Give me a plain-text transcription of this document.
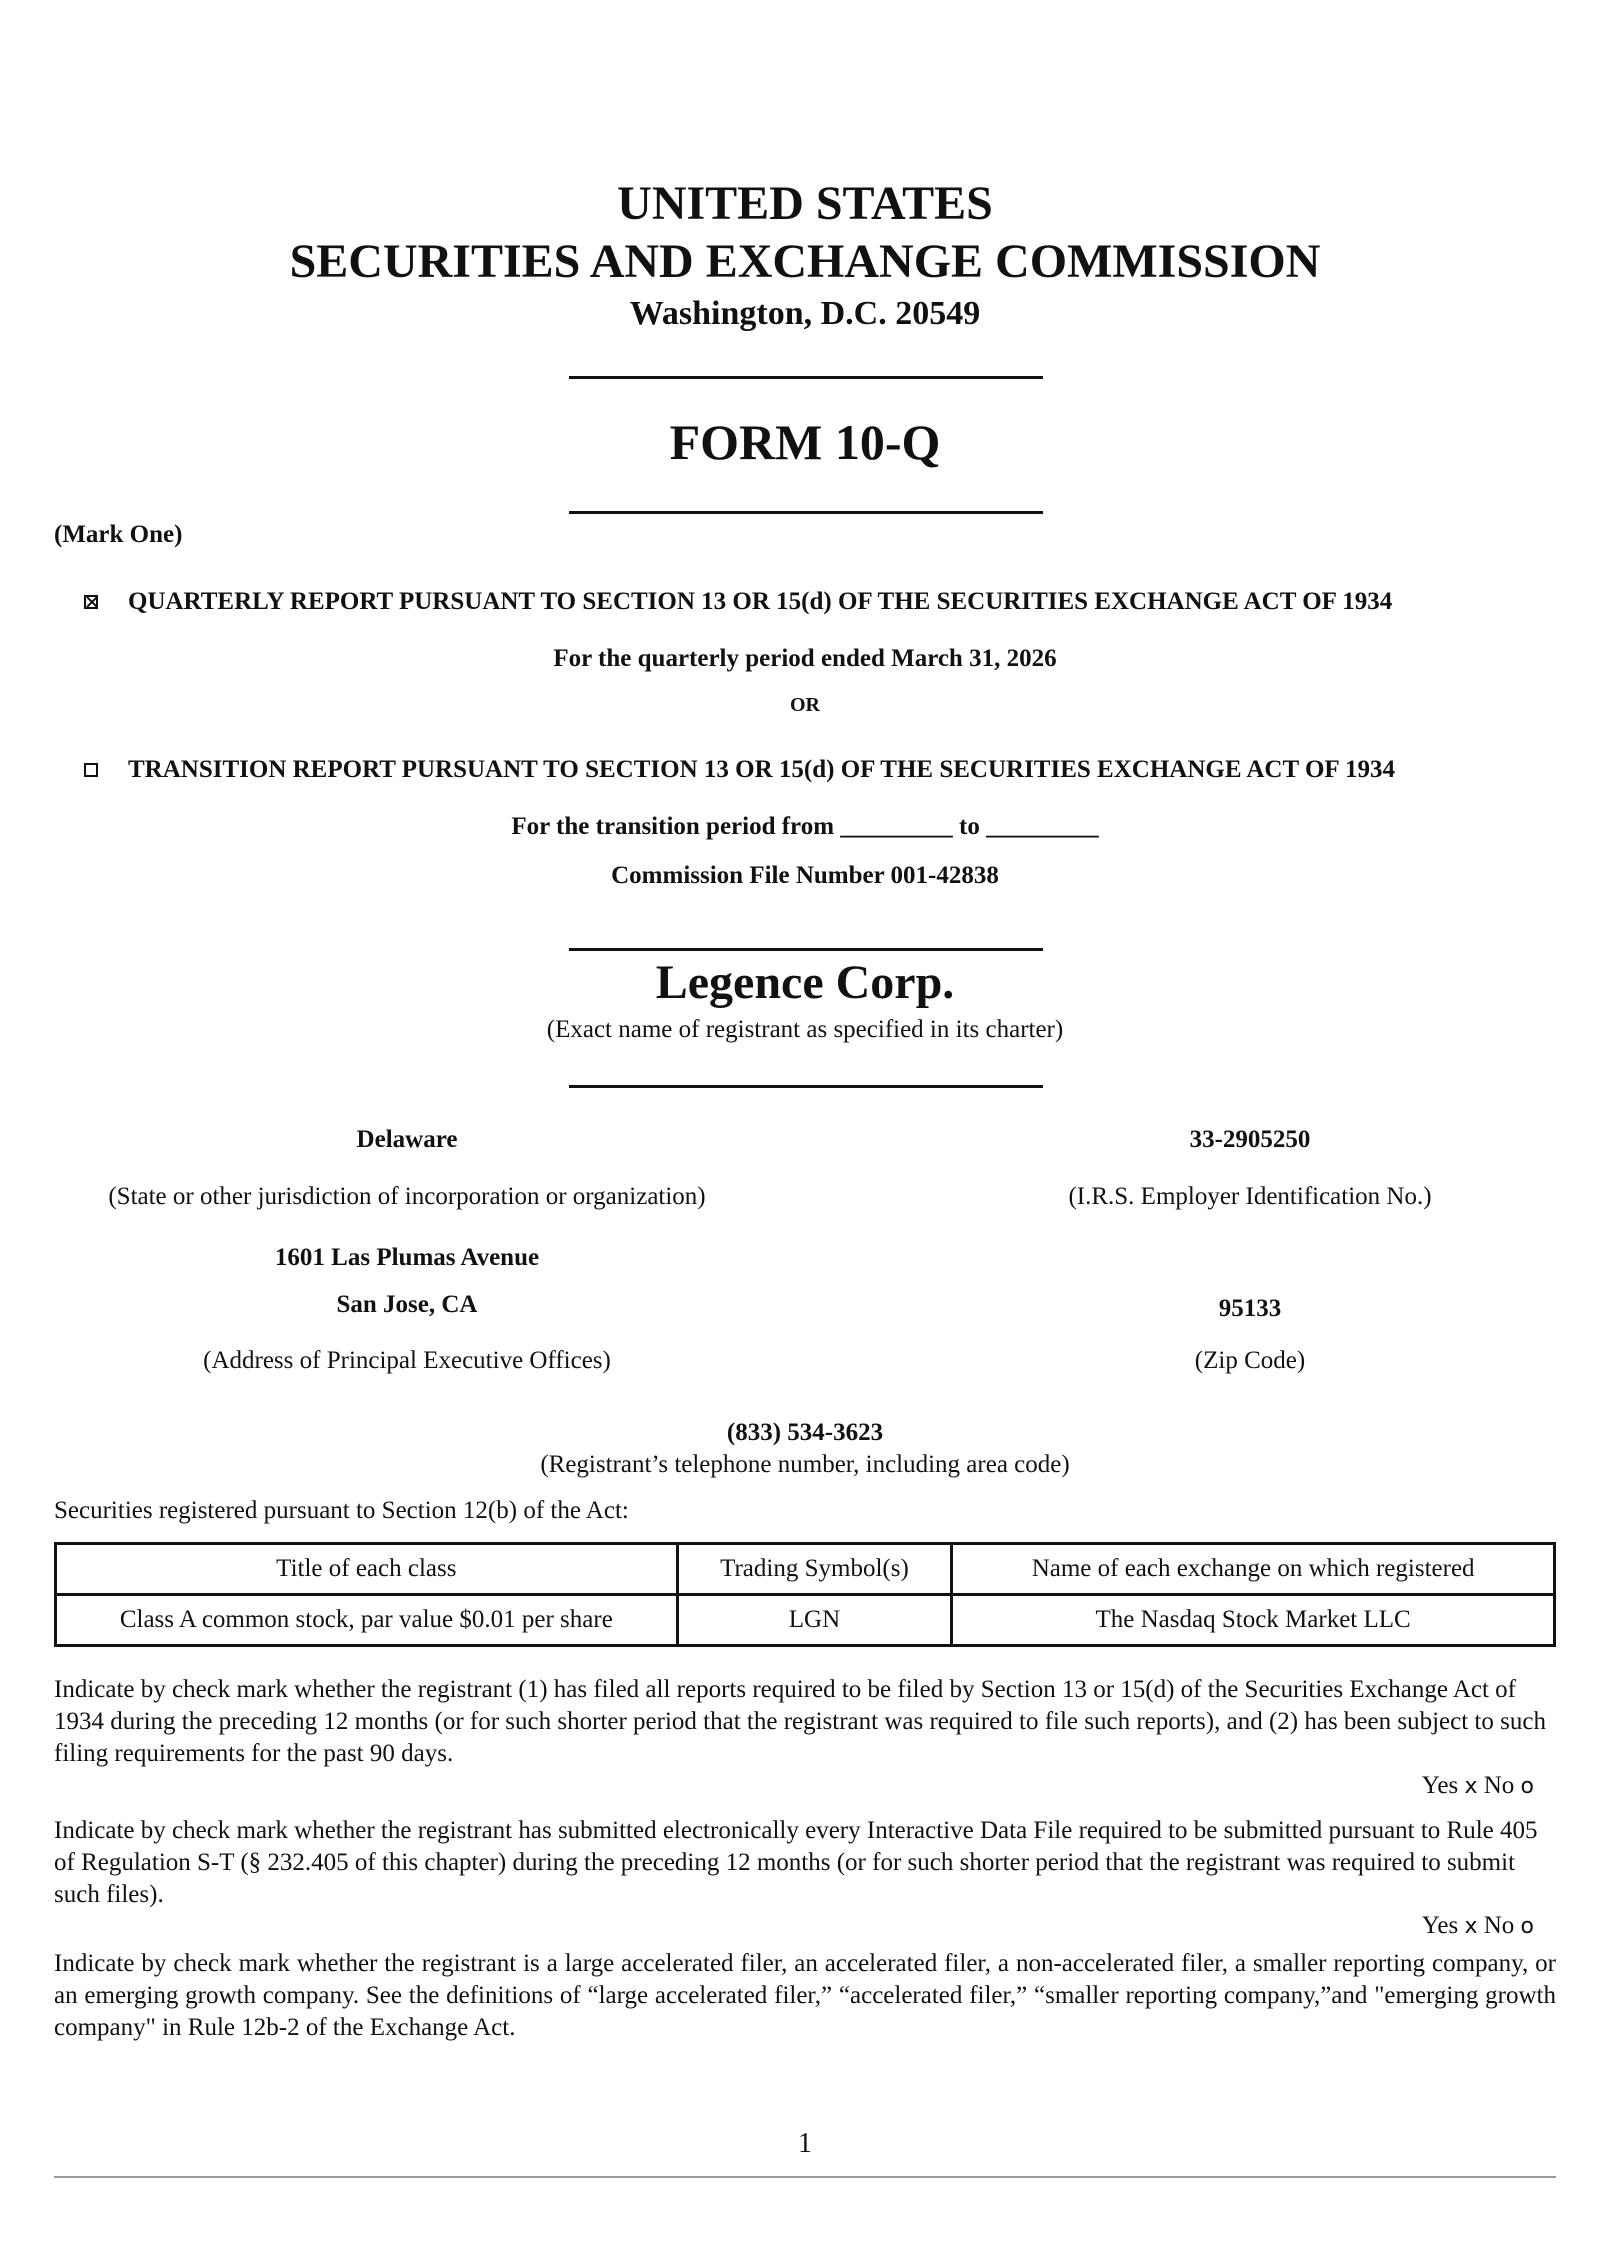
UNITED STATES
SECURITIES AND EXCHANGE COMMISSION
Washington, D.C. 20549
FORM 10-Q
(Mark One)
QUARTERLY REPORT PURSUANT TO SECTION 13 OR 15(d) OF THE SECURITIES EXCHANGE ACT OF 1934
For the quarterly period ended March 31, 2026
OR
TRANSITION REPORT PURSUANT TO SECTION 13 OR 15(d) OF THE SECURITIES EXCHANGE ACT OF 1934
For the transition period from _________ to _________
Commission File Number 001-42838
Legence Corp.
(Exact name of registrant as specified in its charter)
Delaware	33-2905250
(State or other jurisdiction of incorporation or organization)	(I.R.S. Employer Identification No.)
1601 Las Plumas Avenue
San Jose, CA	95133
(Address of Principal Executive Offices)	(Zip Code)
(833) 534-3623
(Registrant’s telephone number, including area code)
Securities registered pursuant to Section 12(b) of the Act:
Title of each class	Trading Symbol(s)	Name of each exchange on which registered
Class A common stock, par value $0.01 per share	LGN	The Nasdaq Stock Market LLC
Indicate by check mark whether the registrant (1) has filed all reports required to be filed by Section 13 or 15(d) of the Securities Exchange Act of 1934 during the preceding 12 months (or for such shorter period that the registrant was required to file such reports), and (2) has been subject to such filing requirements for the past 90 days.
Yes x No o
Indicate by check mark whether the registrant has submitted electronically every Interactive Data File required to be submitted pursuant to Rule 405 of Regulation S-T (§ 232.405 of this chapter) during the preceding 12 months (or for such shorter period that the registrant was required to submit such files).
Yes x No o
Indicate by check mark whether the registrant is a large accelerated filer, an accelerated filer, a non-accelerated filer, a smaller reporting company, or an emerging growth company. See the definitions of “large accelerated filer,” “accelerated filer,” “smaller reporting company,”and "emerging growth company" in Rule 12b-2 of the Exchange Act.
1
